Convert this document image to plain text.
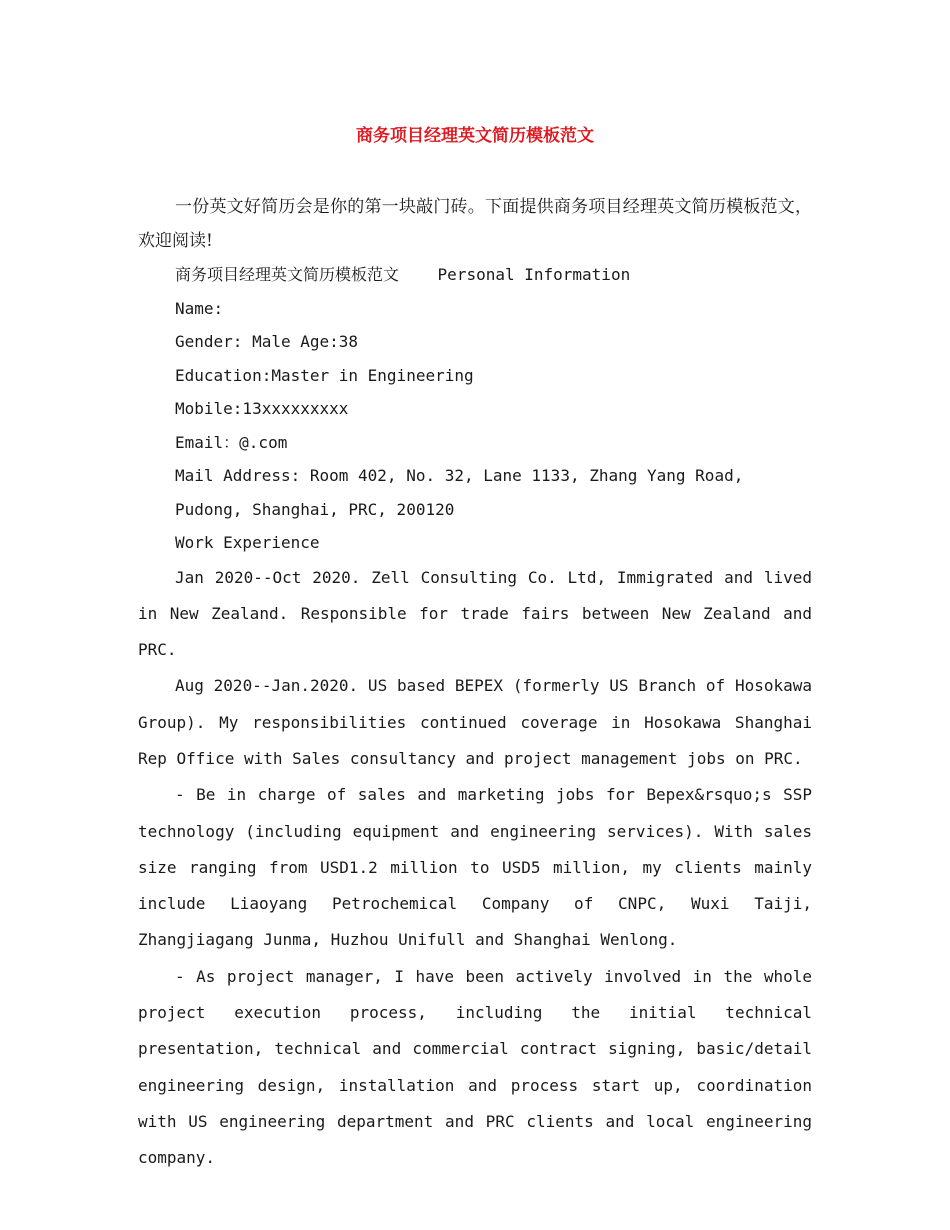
商务项目经理英文简历模板范文

一份英文好简历会是你的第一块敲门砖。下面提供商务项目经理英文简历模板范文，欢迎阅读!

商务项目经理英文简历模板范文 Personal Information
Name:
Gender: Male Age:38
Education:Master in Engineering
Mobile:13xxxxxxxxx
Email：@.com
Mail Address: Room 402, No. 32, Lane 1133, Zhang Yang Road,
Pudong, Shanghai, PRC, 200120
Work Experience

Jan 2020--Oct 2020. Zell Consulting Co. Ltd, Immigrated and lived in New Zealand. Responsible for trade fairs between New Zealand and PRC.

Aug 2020--Jan.2020. US based BEPEX (formerly US Branch of Hosokawa Group). My responsibilities continued coverage in Hosokawa Shanghai Rep Office with Sales consultancy and project management jobs on PRC.

- Be in charge of sales and marketing jobs for Bepex&rsquo;s SSP technology (including equipment and engineering services). With sales size ranging from USD1.2 million to USD5 million, my clients mainly include Liaoyang Petrochemical Company of CNPC, Wuxi Taiji, Zhangjiagang Junma, Huzhou Unifull and Shanghai Wenlong.

- As project manager, I have been actively involved in the whole project execution process, including the initial technical presentation, technical and commercial contract signing, basic/detail engineering design, installation and process start up, coordination with US engineering department and PRC clients and local engineering company.
